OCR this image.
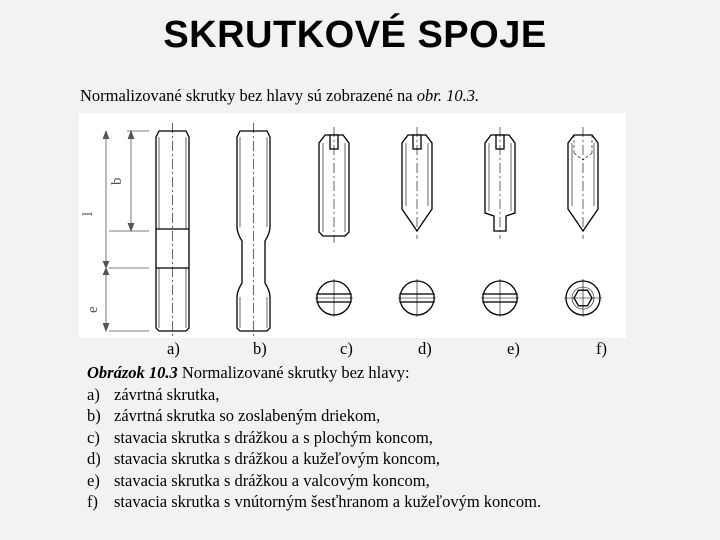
SKRUTKOVÉ SPOJE
Normalizované skrutky bez hlavy sú zobrazené na obr. 10.3.
l
b
e
a)	b)	c)	d)	e)	f)
Obrázok 10.3 Normalizované skrutky bez hlavy:
a) závrtná skrutka,
b) závrtná skrutka so zoslabeným driekom,
c) stavacia skrutka s drážkou a s plochým koncom,
d) stavacia skrutka s drážkou a kužeľovým koncom,
e) stavacia skrutka s drážkou a valcovým koncom,
f) stavacia skrutka s vnútorným šesťhranom a kužeľovým koncom.
